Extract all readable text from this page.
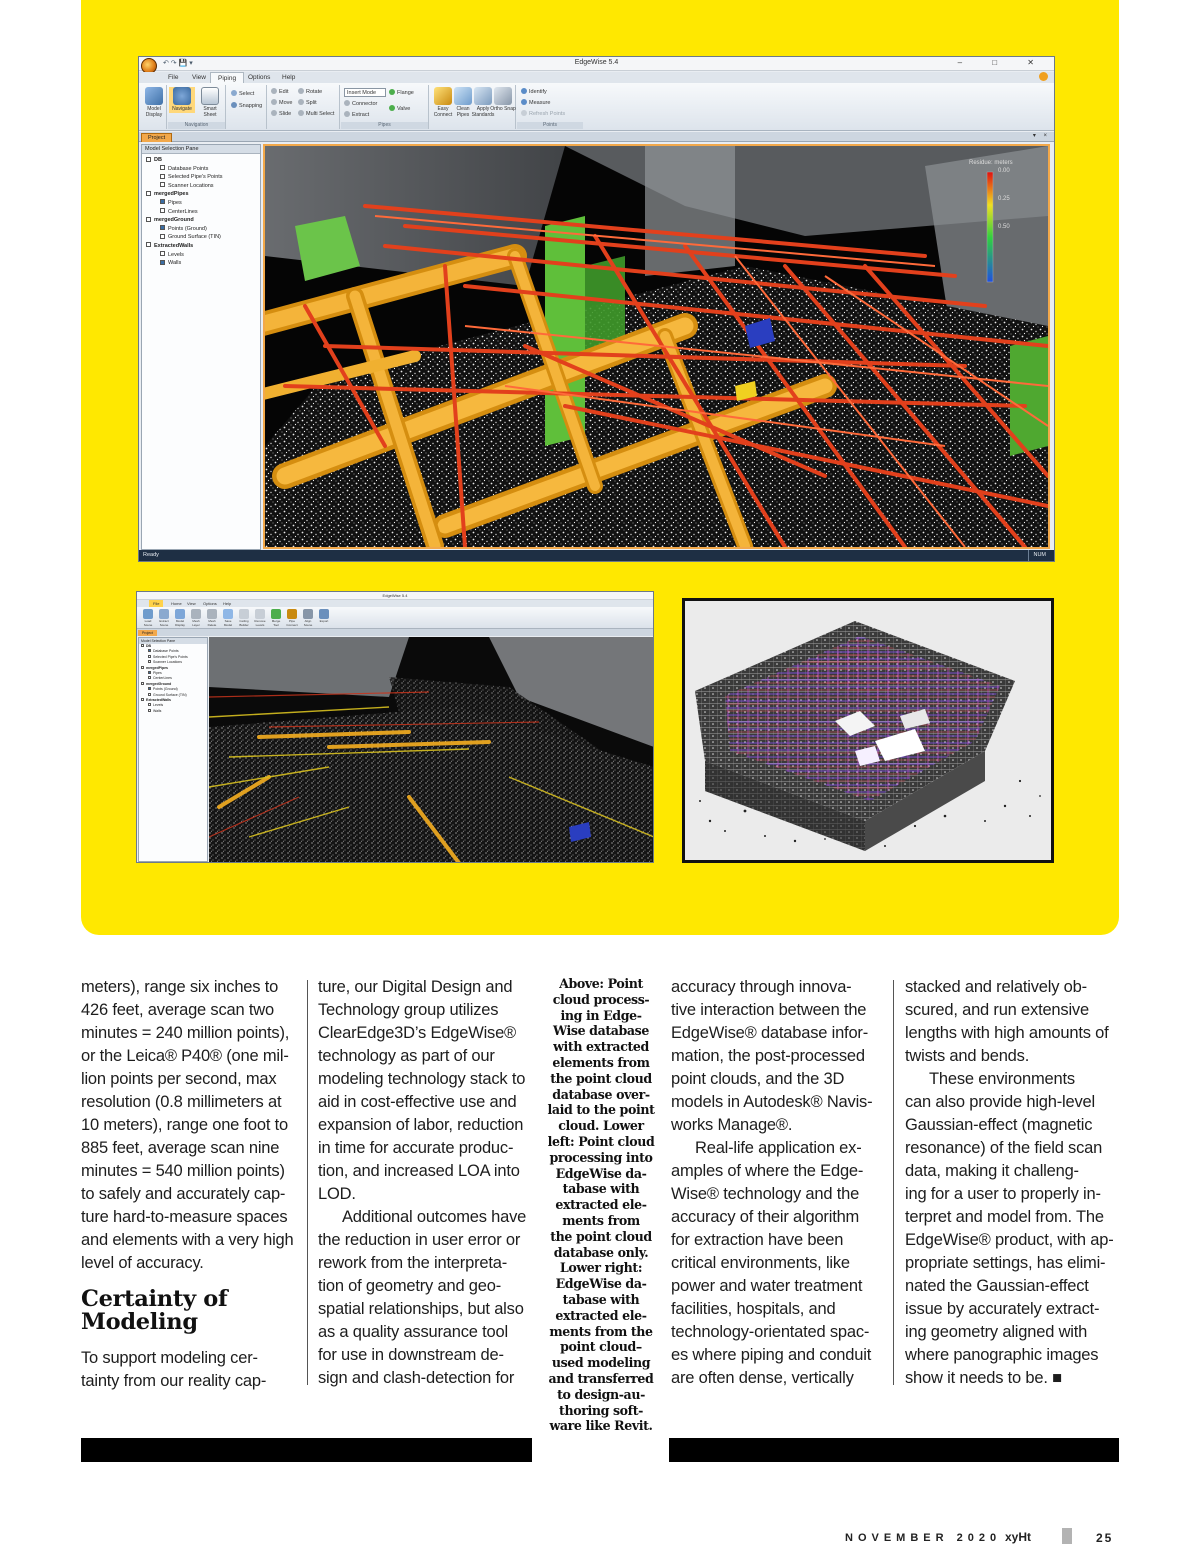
↶ ↷ 💾 ▾	EdgeWise 5.4	– □ ✕
File	View	Piping	Options	Help
Model Display
Navigate	Smart Sheet
Navigation
Select
Snapping
Edit
Move
Slide
Rotate
Split
Multi Select
Insert Mode
Connector
Extract
Flange
Valve
Pipes
Easy Connect
Clean Pipes
Apply Standards
Ortho Snap
Identify
Measure
Refresh Points
Points
Project	▾ ×
Model Selection Pane
DB
Database Points
Selected Pipe's Points
Scanner Locations
mergedPipes
Pipes
CenterLines
mergedGround
Points (Ground)
Ground Surface (TIN)
ExtractedWalls
Levels
Walls
Residue: meters
0.00
0.25
0.50
Ready	NUM
EdgeWise 5.4
File	Home	View	Options	Help
Load Scene
Extract Scene
Model Display
Mesh Layer
Mesh Delete
Save Model
Ceiling Builder
Remove Levels
Merge Tool
Pipe Connect
Align Scene
Export
Project
Model Selection Pane
DB
Database Points
Selected Pipe's Points
Scanner Locations
mergedPipes
Pipes
CenterLines
mergedGround
Points (Ground)
Ground Surface (TIN)
ExtractedWalls
Levels
Walls

meters), range six inches to

426 feet, average scan two

minutes = 240 million points),

or the Leica® P40® (one mil-

lion points per second, max

resolution (0.8 millimeters at

10 meters), range one foot to

885 feet, average scan nine

minutes = 540 million points)

to safely and accurately cap-

ture hard-to-measure spaces

and elements with a very high

level of accuracy.

Certainty of Modeling

To support modeling cer-

tainty from our reality cap-

ture, our Digital Design and

Technology group utilizes

ClearEdge3D’s EdgeWise®

technology as part of our

modeling technology stack to

aid in cost-effective use and

expansion of labor, reduction

in time for accurate produc-

tion, and increased LOA into

LOD.

Additional outcomes have

the reduction in user error or

rework from the interpreta-

tion of geometry and geo-

spatial relationships, but also

as a quality assurance tool

for use in downstream de-

sign and clash-detection for

Above: Point

cloud process-

ing in Edge-

Wise database

with extracted

elements from

the point cloud

database over-

laid to the point

cloud. Lower

left: Point cloud

processing into

EdgeWise da-

tabase with

extracted ele-

ments from

the point cloud

database only.

Lower right:

EdgeWise da-

tabase with

extracted ele-

ments from the

point cloud–

used modeling

and transferred

to design-au-

thoring soft-

ware like Revit.

accuracy through innova-

tive interaction between the

EdgeWise® database infor-

mation, the post-processed

point clouds, and the 3D

models in Autodesk® Navis-

works Manage®.

Real-life application ex-

amples of where the Edge-

Wise® technology and the

accuracy of their algorithm

for extraction have been

critical environments, like

power and water treatment

facilities, hospitals, and

technology-orientated spac-

es where piping and conduit

are often dense, vertically

stacked and relatively ob-

scured, and run extensive

lengths with high amounts of

twists and bends.

These environments

can also provide high-level

Gaussian-effect (magnetic

resonance) of the field scan

data, making it challeng-

ing for a user to properly in-

terpret and model from. The

EdgeWise® product, with ap-

propriate settings, has elimi-

nated the Gaussian-effect

issue by accurately extract-

ing geometry aligned with

where panographic images

show it needs to be. ■

NOVEMBER 2020 xyHt	25
